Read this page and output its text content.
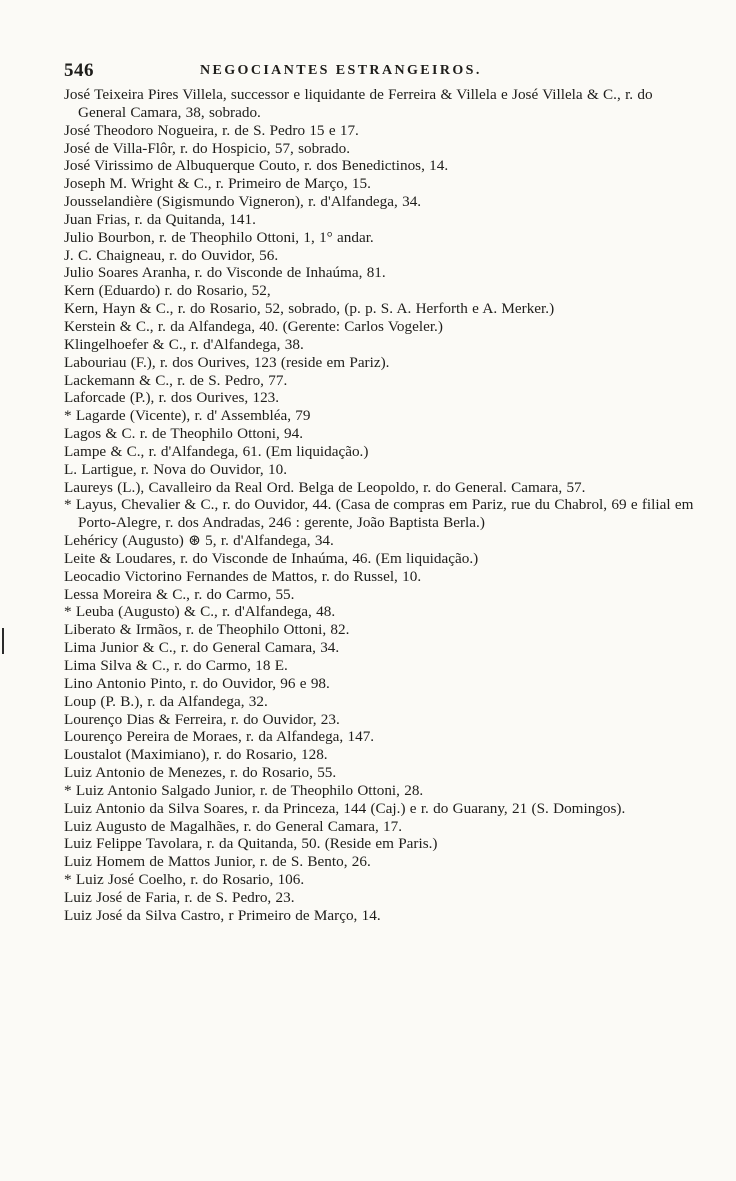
546	NEGOCIANTES ESTRANGEIROS.
José Teixeira Pires Villela, successor e liquidante de Ferreira & Villela e José Villela & C., r. do General Camara, 38, sobrado.
José Theodoro Nogueira, r. de S. Pedro 15 e 17.
José de Villa-Flôr, r. do Hospicio, 57, sobrado.
José Virissimo de Albuquerque Couto, r. dos Benedictinos, 14.
Joseph M. Wright & C., r. Primeiro de Março, 15.
Jousselandière (Sigismundo Vigneron), r. d'Alfandega, 34.
Juan Frias, r. da Quitanda, 141.
Julio Bourbon, r. de Theophilo Ottoni, 1, 1° andar.
J. C. Chaigneau, r. do Ouvidor, 56.
Julio Soares Aranha, r. do Visconde de Inhaúma, 81.
Kern (Eduardo) r. do Rosario, 52,
Kern, Hayn & C., r. do Rosario, 52, sobrado, (p. p. S. A. Herforth e A. Merker.)
Kerstein & C., r. da Alfandega, 40. (Gerente: Carlos Vogeler.)
Klingelhoefer & C., r. d'Alfandega, 38.
Labouriau (F.), r. dos Ourives, 123 (reside em Pariz).
Lackemann & C., r. de S. Pedro, 77.
Laforcade (P.), r. dos Ourives, 123.
* Lagarde (Vicente), r. d' Assembléa, 79
Lagos & C. r. de Theophilo Ottoni, 94.
Lampe & C., r. d'Alfandega, 61. (Em liquidação.)
L. Lartigue, r. Nova do Ouvidor, 10.
Laureys (L.), Cavalleiro da Real Ord. Belga de Leopoldo, r. do General. Camara, 57.
* Layus, Chevalier & C., r. do Ouvidor, 44. (Casa de compras em Pariz, rue du Chabrol, 69 e filial em Porto-Alegre, r. dos Andradas, 246 : gerente, João Baptista Berla.)
Lehéricy (Augusto) ⊛ 5, r. d'Alfandega, 34.
Leite & Loudares, r. do Visconde de Inhaúma, 46. (Em liquidação.)
Leocadio Victorino Fernandes de Mattos, r. do Russel, 10.
Lessa Moreira & C., r. do Carmo, 55.
* Leuba (Augusto) & C., r. d'Alfandega, 48.
Liberato & Irmãos, r. de Theophilo Ottoni, 82.
Lima Junior & C., r. do General Camara, 34.
Lima Silva & C., r. do Carmo, 18 E.
Lino Antonio Pinto, r. do Ouvidor, 96 e 98.
Loup (P. B.), r. da Alfandega, 32.
Lourenço Dias & Ferreira, r. do Ouvidor, 23.
Lourenço Pereira de Moraes, r. da Alfandega, 147.
Loustalot (Maximiano), r. do Rosario, 128.
Luiz Antonio de Menezes, r. do Rosario, 55.
* Luiz Antonio Salgado Junior, r. de Theophilo Ottoni, 28.
Luiz Antonio da Silva Soares, r. da Princeza, 144 (Caj.) e r. do Guarany, 21 (S. Domingos).
Luiz Augusto de Magalhães, r. do General Camara, 17.
Luiz Felippe Tavolara, r. da Quitanda, 50. (Reside em Paris.)
Luiz Homem de Mattos Junior, r. de S. Bento, 26.
* Luiz José Coelho, r. do Rosario, 106.
Luiz José de Faria, r. de S. Pedro, 23.
Luiz José da Silva Castro, r Primeiro de Março, 14.
